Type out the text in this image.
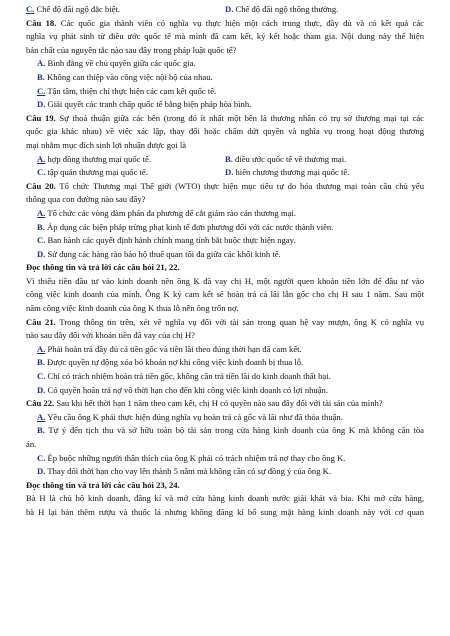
C. Chế độ đãi ngộ đặc biệt.	D. Chế độ đãi ngộ thông thường.
Câu 18. Các quốc gia thành viên có nghĩa vụ thực hiện một cách trung thực, đầy đủ và có kết quả các
nghĩa vụ phát sinh từ điều ước quốc tế mà mình đã cam kết, ký kết hoặc tham gia. Nội dung này thể hiện
bản chất của nguyên tắc nào sau đây trong pháp luật quốc tế?
A. Bình đẳng về chủ quyền giữa các quốc gia.
B. Không can thiệp vào công việc nội bộ của nhau.
C. Tận tâm, thiện chí thực hiện các cam kết quốc tế.
D. Giải quyết các tranh chấp quốc tế bằng biện pháp hòa bình.
Câu 19. Sự thoả thuận giữa các bên (trong đó ít nhất một bên là thương nhân có trụ sở thương mại tại các
quốc gia khác nhau) về việc xác lập, thay đổi hoặc chấm dứt quyền và nghĩa vụ trong hoạt động thương
mại nhằm mục đích sinh lợi nhuận được gọi là
A. hợp đồng thương mại quốc tế.	B. điều ước quốc tế về thương mại.
C. tập quán thương mại quốc tế.	D. hiến chương thương mại quốc tế.
Câu 20. Tổ chức Thương mại Thế giới (WTO) thực hiện mục tiêu tự do hóa thương mại toàn cầu chủ yếu
thông qua con đường nào sau đây?
A. Tổ chức các vòng đàm phán đa phương để cắt giảm rào cản thương mại.
B. Áp dụng các biện pháp trừng phạt kinh tế đơn phương đối với các nước thành viên.
C. Ban hành các quyết định hành chính mang tính bắt buộc thực hiện ngay.
D. Sử dụng các hàng rào bảo hộ thuế quan tối đa giữa các khối kinh tế.
Đọc thông tin và trả lời các câu hỏi 21, 22.
Vì thiếu tiền đầu tư vào kinh doanh nên ông K đã vay chị H, một người quen khoản tiền lớn để đầu tư vào
công việc kinh doanh của mình. Ông K ký cam kết sẽ hoàn trả cả lãi lẫn gốc cho chị H sau 1 năm. Sau một
năm công việc kinh doanh của ông K thua lỗ nên ông trốn nợ.
Câu 21. Trong thông tin trên, xét về nghĩa vụ đối với tài sản trong quan hệ vay mượn, ông K có nghĩa vụ
nào sau đây đối với khoản tiền đã vay của chị H?
A. Phải hoàn trả đầy đủ cả tiền gốc và tiền lãi theo đúng thời hạn đã cam kết.
B. Được quyền tự động xóa bỏ khoản nợ khi công việc kinh doanh bị thua lỗ.
C. Chỉ có trách nhiệm hoàn trả tiền gốc, không cần trả tiền lãi do kinh doanh thất bại.
D. Có quyền hoãn trả nợ vô thời hạn cho đến khi công việc kinh doanh có lợi nhuận.
Câu 22. Sau khi hết thời hạn 1 năm theo cam kết, chị H có quyền nào sau đây đối với tài sản của mình?
A. Yêu cầu ông K phải thực hiện đúng nghĩa vụ hoàn trả cả gốc và lãi như đã thỏa thuận.
B. Tự ý đến tịch thu và sở hữu toàn bộ tài sản trong cửa hàng kinh doanh của ông K mà không cần tòa
án.
C. Ép buộc những người thân thích của ông K phải có trách nhiệm trả nợ thay cho ông K.
D. Thay đổi thời hạn cho vay lên thành 5 năm mà không cần có sự đồng ý của ông K.
Đọc thông tin và trả lời các câu hỏi 23, 24.
Bà H là chủ hộ kinh doanh, đăng kí và mở cửa hàng kinh doanh nước giải khát và bia. Khi mở cửa hàng,
bà H lại bán thêm rượu và thuốc lá nhưng không đăng kí bổ sung mặt hàng kinh doanh này với cơ quan
